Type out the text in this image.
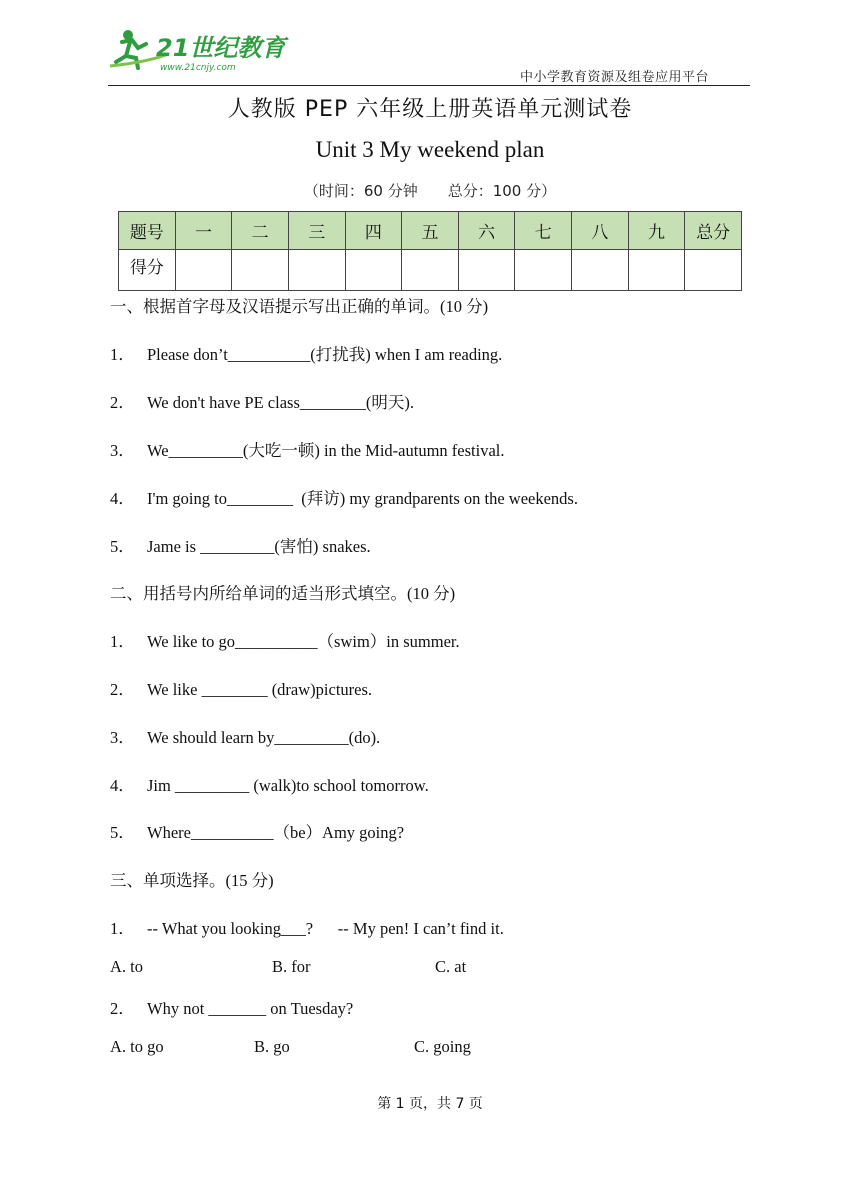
21世纪教育
www.21cnjy.com
中小学教育资源及组卷应用平台
人教版 PEP 六年级上册英语单元测试卷
Unit 3 My weekend plan
（时间：60 分钟　　总分：100 分）
题号	一	二	三	四	五	六	七	八	九	总分
得分										
一、根据首字母及汉语提示写出正确的单词。(10 分)
1． Please don’t__________(打扰我) when I am reading.
2． We don't have PE class________(明天).
3． We_________(大吃一顿) in the Mid-autumn festival.
4． I'm going to________  (拜访) my grandparents on the weekends.
5． Jame is _________(害怕) snakes.
二、用括号内所给单词的适当形式填空。(10 分)
1． We like to go__________（swim）in summer.
2． We like ________ (draw)pictures.
3． We should learn by_________(do).
4． Jim _________ (walk)to school tomorrow.
5． Where__________（be）Amy going?
三、单项选择。(15 分)
1． -- What you looking___?      -- My pen! I can’t find it.
A. to	B. for	C. at
2． Why not _______ on Tuesday?
A. to go	B. go	C. going
第 1 页，共 7 页
